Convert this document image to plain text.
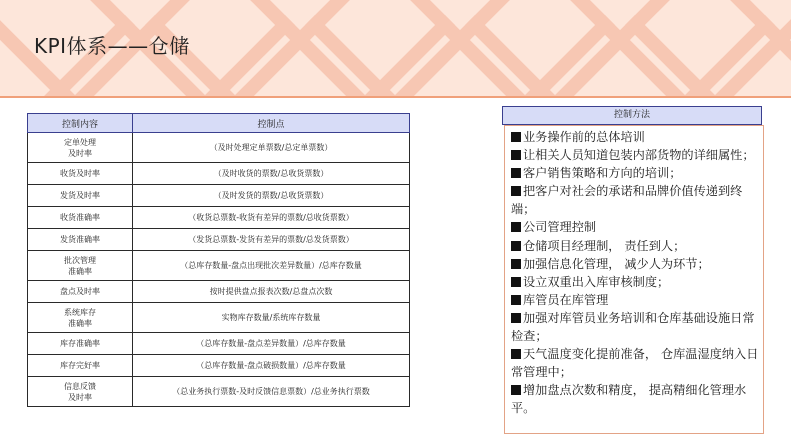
KPI体系——仓储
控制内容	控制点

定单处理
及时率	（及时处理定单票数/总定单票数）

收货及时率	（及时收货的票数/总收货票数）

发货及时率	（及时发货的票数/总收货票数）

收货准确率	（收货总票数-收货有差异的票数/总收货票数）

发货准确率	（发货总票数-发货有差异的票数/总发货票数）

批次管理
准确率	（总库存数量-盘点出现批次差异数量）/总库存数量

盘点及时率	按时提供盘点报表次数/总盘点次数

系统库存
准确率	实物库存数量/系统库存数量

库存准确率	（总库存数量-盘点差异数量）/总库存数量

库存完好率	（总库存数量-盘点破损数量）/总库存数量

信息反馈
及时率	（总业务执行票数-及时反馈信息票数）/总业务执行票数
控制方法
业务操作前的总体培训
让相关人员知道包装内部货物的详细属性；
客户销售策略和方向的培训；
把客户对社会的承诺和品牌价值传递到终端；
公司管理控制
仓储项目经理制， 责任到人；
加强信息化管理， 减少人为环节；
设立双重出入库审核制度；
库管员在库管理
加强对库管员业务培训和仓库基础设施日常检查；
天气温度变化提前准备， 仓库温湿度纳入日常管理中；
增加盘点次数和精度， 提高精细化管理水平。
